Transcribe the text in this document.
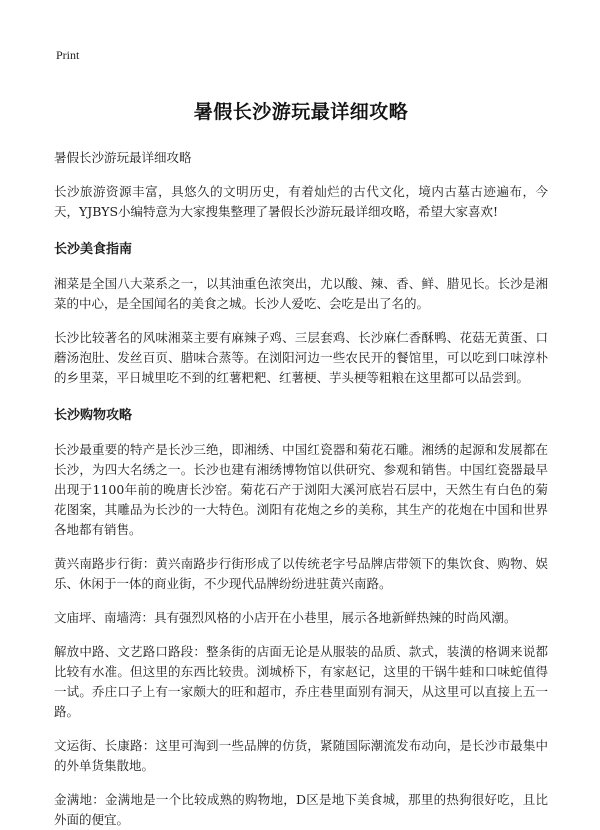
Print
暑假长沙游玩最详细攻略
暑假长沙游玩最详细攻略

长沙旅游资源丰富，具悠久的文明历史，有着灿烂的古代文化，境内古墓古迹遍布，今天，YJBYS小编特意为大家搜集整理了暑假长沙游玩最详细攻略，希望大家喜欢!

长沙美食指南

湘菜是全国八大菜系之一，以其油重色浓突出，尤以酸、辣、香、鲜、腊见长。长沙是湘菜的中心，是全国闻名的美食之城。长沙人爱吃、会吃是出了名的。

长沙比较著名的风味湘菜主要有麻辣子鸡、三层套鸡、长沙麻仁香酥鸭、花菇无黄蛋、口蘑汤泡肚、发丝百页、腊味合蒸等。在浏阳河边一些农民开的餐馆里，可以吃到口味淳朴的乡里菜，平日城里吃不到的红薯粑粑、红薯梗、芋头梗等粗粮在这里都可以品尝到。

长沙购物攻略

长沙最重要的特产是长沙三绝，即湘绣、中国红瓷器和菊花石雕。湘绣的起源和发展都在长沙，为四大名绣之一。长沙也建有湘绣博物馆以供研究、参观和销售。中国红瓷器最早出现于1100年前的晚唐长沙窑。菊花石产于浏阳大溪河底岩石层中，天然生有白色的菊花图案，其雕品为长沙的一大特色。浏阳有花炮之乡的美称，其生产的花炮在中国和世界各地都有销售。

黄兴南路步行街：黄兴南路步行街形成了以传统老字号品牌店带领下的集饮食、购物、娱乐、休闲于一体的商业街，不少现代品牌纷纷进驻黄兴南路。

文庙坪、南墙湾：具有强烈风格的小店开在小巷里，展示各地新鲜热辣的时尚风潮。

解放中路、文艺路口路段：整条街的店面无论是从服装的品质、款式，装潢的格调来说都比较有水准。但这里的东西比较贵。浏城桥下，有家赵记，这里的干锅牛蛙和口味蛇值得一试。乔庄口子上有一家颇大的旺和超市，乔庄巷里面别有洞天，从这里可以直接上五一路。

文运街、长康路：这里可淘到一些品牌的仿货，紧随国际潮流发布动向，是长沙市最集中的外单货集散地。

金满地：金满地是一个比较成熟的购物地，D区是地下美食城，那里的热狗很好吃，且比外面的便宜。
